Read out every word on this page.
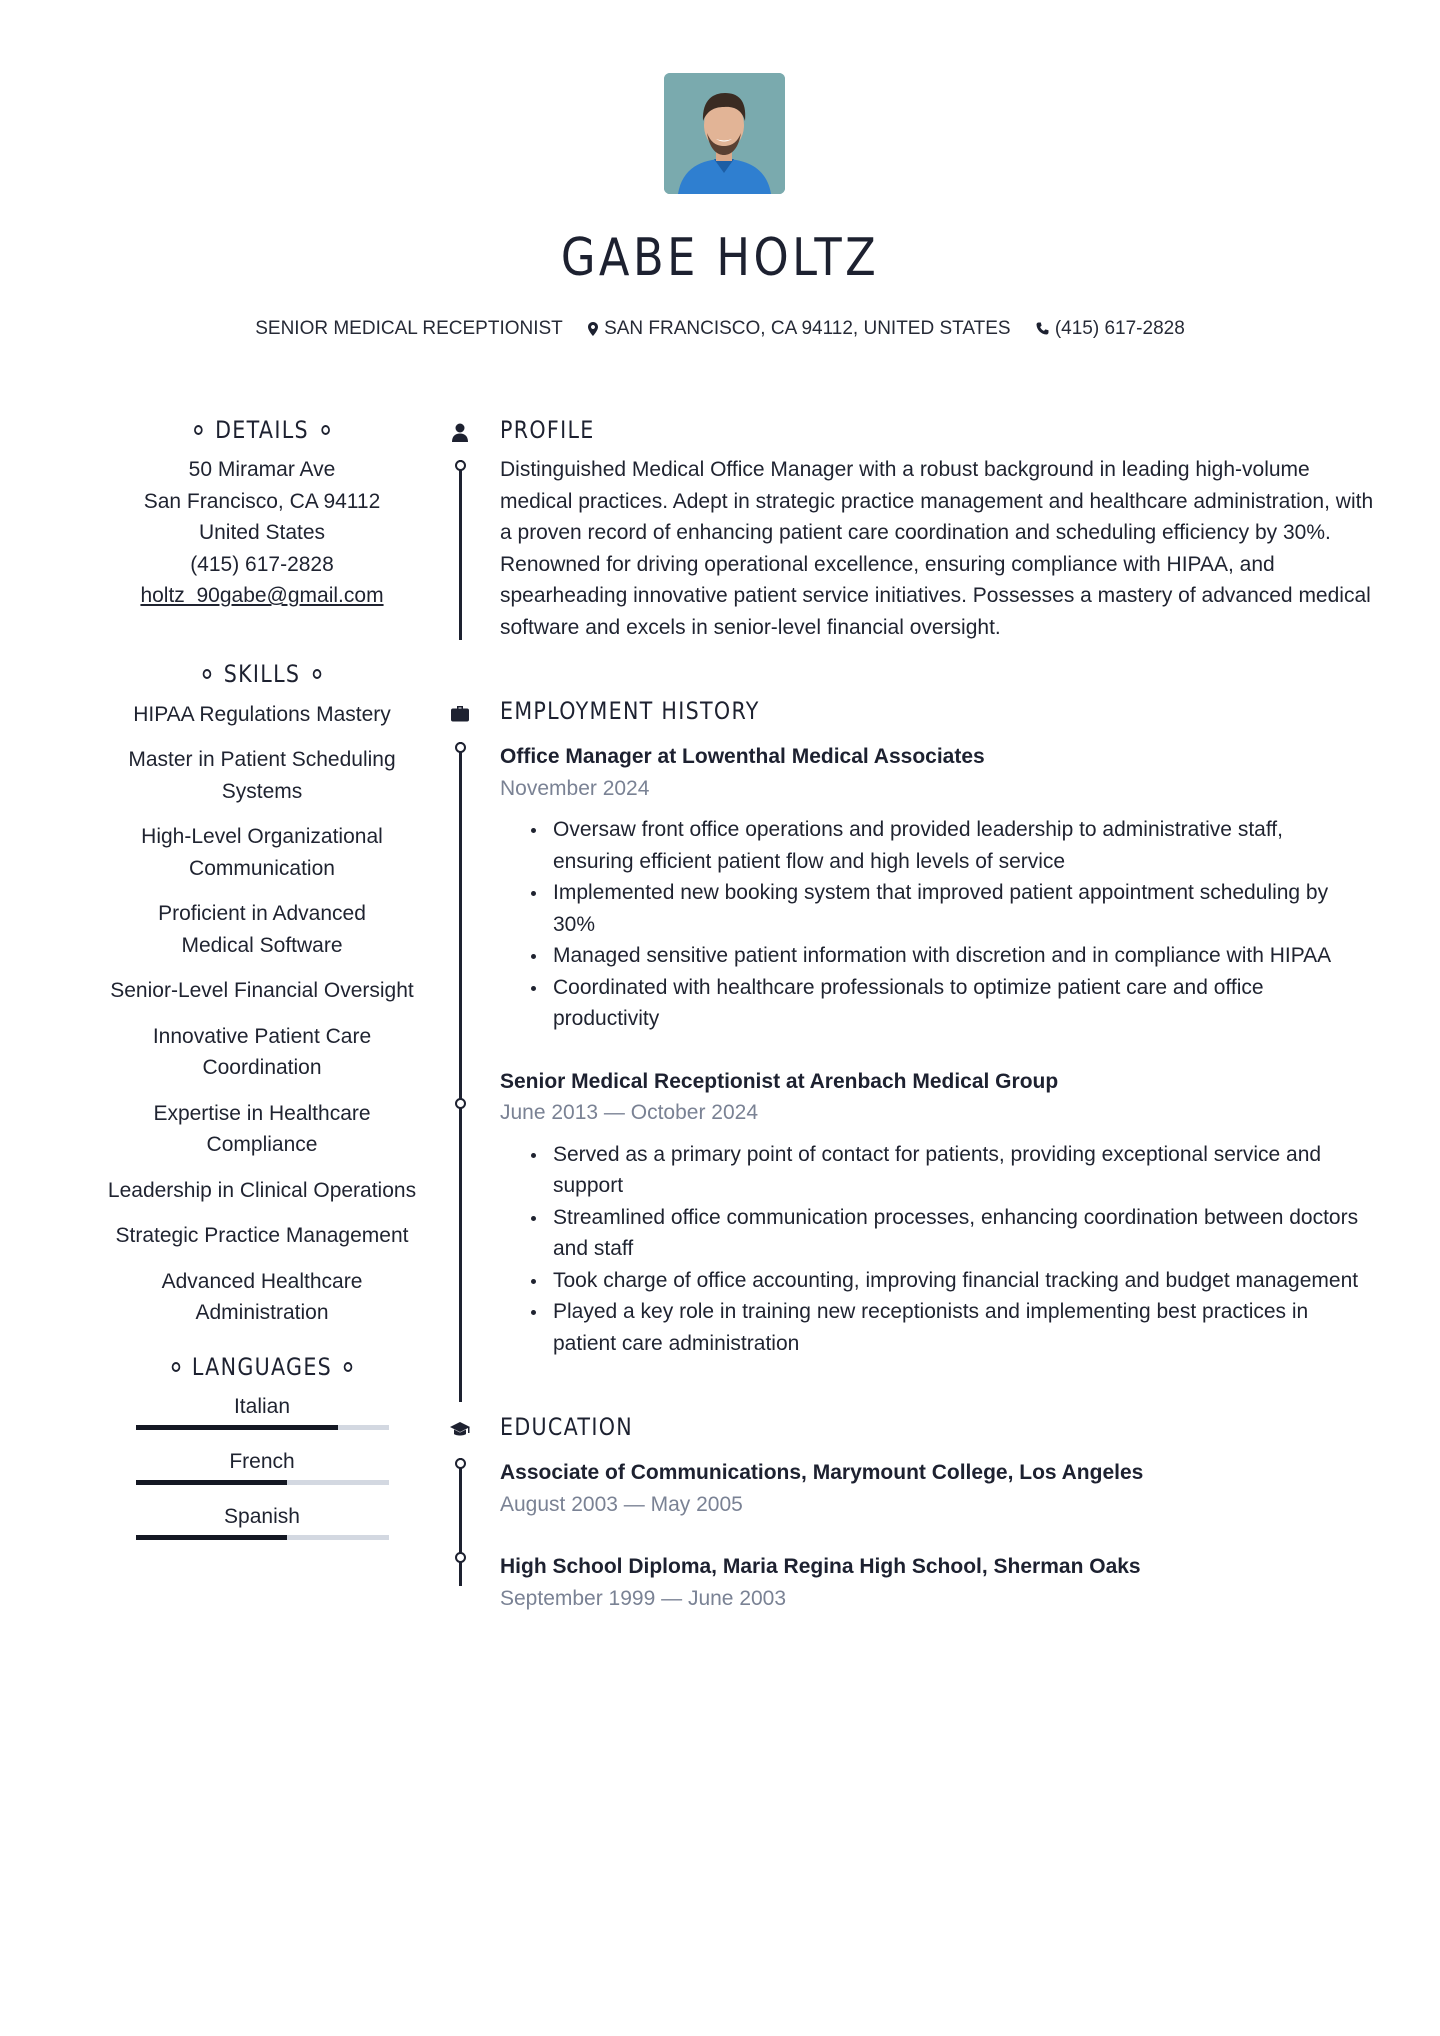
GABE HOLTZ
SENIOR MEDICAL RECEPTIONIST SAN FRANCISCO, CA 94112, UNITED STATES (415) 617-2828
DETAILS

50 Miramar Ave

San Francisco, CA 94112

United States

(415) 617-2828

holtz_90gabe@gmail.com

SKILLS
HIPAA Regulations Mastery
Master in Patient Scheduling Systems
High-Level Organizational Communication
Proficient in Advanced Medical Software
Senior-Level Financial Oversight
Innovative Patient Care Coordination
Expertise in Healthcare Compliance
Leadership in Clinical Operations
Strategic Practice Management
Advanced Healthcare Administration
LANGUAGES
Italian
French
Spanish
PROFILE

Distinguished Medical Office Manager with a robust background in leading high-volume medical practices. Adept in strategic practice management and healthcare administration, with a proven record of enhancing patient care coordination and scheduling efficiency by 30%. Renowned for driving operational excellence, ensuring compliance with HIPAA, and spearheading innovative patient service initiatives. Possesses a mastery of advanced medical software and excels in senior-level financial oversight.

EMPLOYMENT HISTORY
Office Manager at Lowenthal Medical Associates
November 2024
Oversaw front office operations and provided leadership to administrative staff, ensuring efficient patient flow and high levels of service
Implemented new booking system that improved patient appointment scheduling by 30%
Managed sensitive patient information with discretion and in compliance with HIPAA
Coordinated with healthcare professionals to optimize patient care and office productivity
Senior Medical Receptionist at Arenbach Medical Group
June 2013 — October 2024
Served as a primary point of contact for patients, providing exceptional service and support
Streamlined office communication processes, enhancing coordination between doctors and staff
Took charge of office accounting, improving financial tracking and budget management
Played a key role in training new receptionists and implementing best practices in patient care administration
EDUCATION
Associate of Communications, Marymount College, Los Angeles
August 2003 — May 2005
High School Diploma, Maria Regina High School, Sherman Oaks
September 1999 — June 2003
